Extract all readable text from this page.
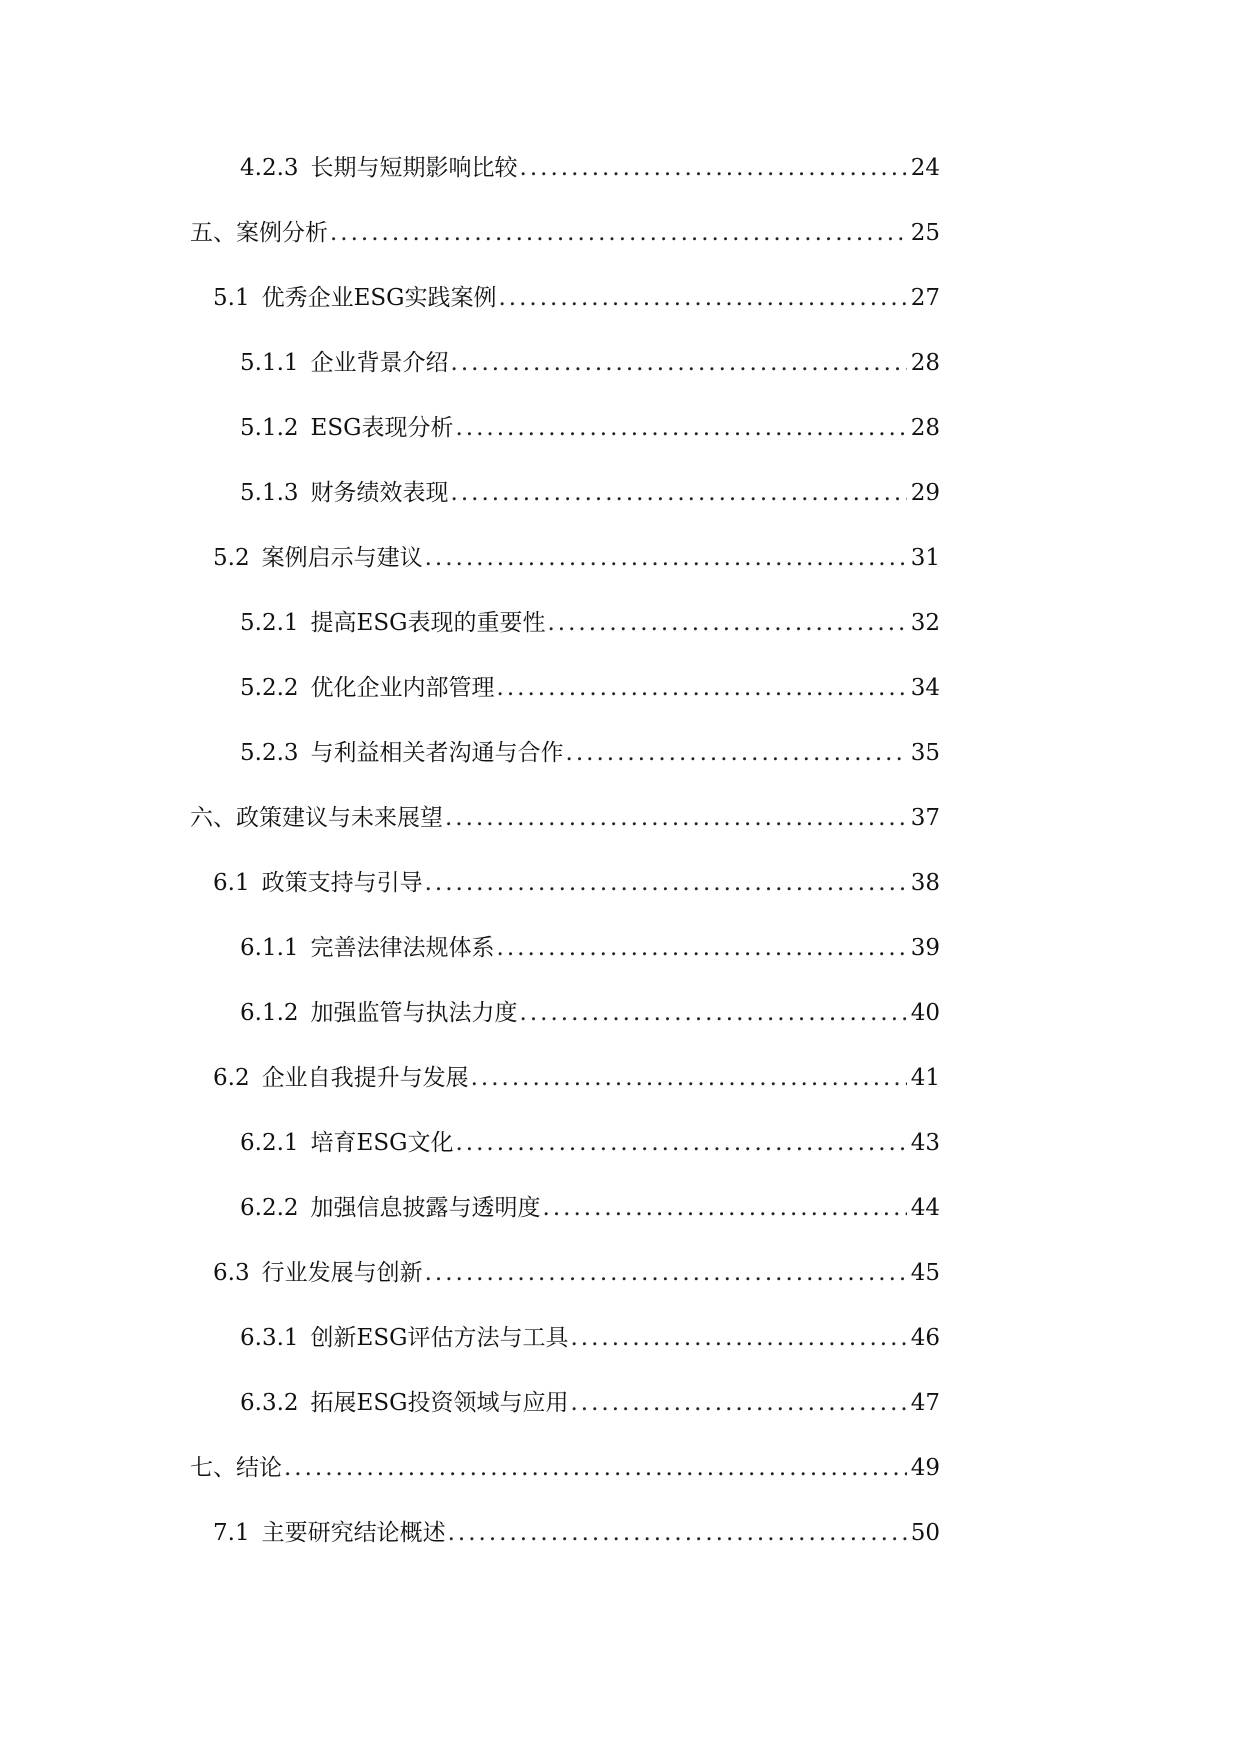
4.2.3 长期与短期影响比较 .....	24
五、案例分析 .....	25
5.1 优秀企业ESG实践案例 .....	27
5.1.1 企业背景介绍 .....	28
5.1.2 ESG表现分析 .....	28
5.1.3 财务绩效表现 .....	29
5.2 案例启示与建议 .....	31
5.2.1 提高ESG表现的重要性 .....	32
5.2.2 优化企业内部管理 .....	34
5.2.3 与利益相关者沟通与合作 .....	35
六、政策建议与未来展望 .....	37
6.1 政策支持与引导 .....	38
6.1.1 完善法律法规体系 .....	39
6.1.2 加强监管与执法力度 .....	40
6.2 企业自我提升与发展 .....	41
6.2.1 培育ESG文化 .....	43
6.2.2 加强信息披露与透明度 .....	44
6.3 行业发展与创新 .....	45
6.3.1 创新ESG评估方法与工具 .....	46
6.3.2 拓展ESG投资领域与应用 .....	47
七、结论 .....	49
7.1 主要研究结论概述 .....	50
